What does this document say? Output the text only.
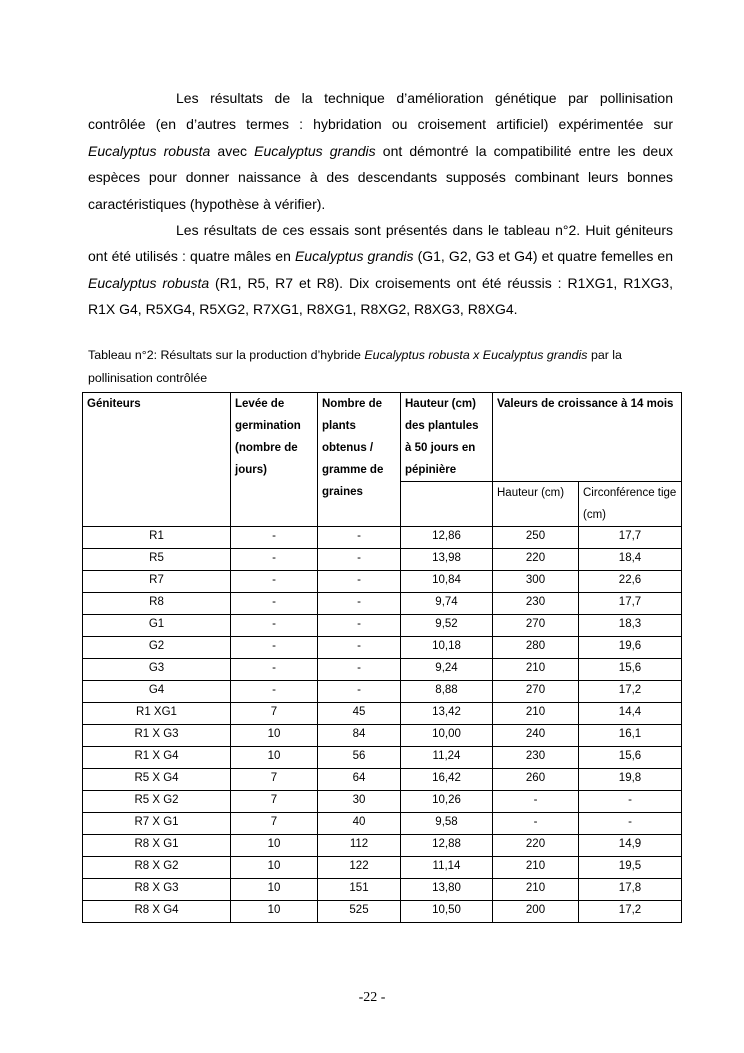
Les résultats de la technique d’amélioration génétique par pollinisation contrôlée (en d’autres termes : hybridation ou croisement artificiel) expérimentée sur Eucalyptus robusta avec Eucalyptus grandis ont démontré la compatibilité entre les deux espèces pour donner naissance à des descendants supposés combinant leurs bonnes caractéristiques (hypothèse à vérifier).

Les résultats de ces essais sont présentés dans le tableau n°2. Huit géniteurs ont été utilisés : quatre mâles en Eucalyptus grandis (G1, G2, G3 et G4) et quatre femelles en Eucalyptus robusta (R1, R5, R7 et R8). Dix croisements ont été réussis : R1XG1, R1XG3, R1X G4, R5XG4, R5XG2, R7XG1, R8XG1, R8XG2, R8XG3, R8XG4.

Tableau n°2: Résultats sur la production d’hybride Eucalyptus robusta x Eucalyptus grandis par la pollinisation contrôlée
Géniteurs	Levée de germination (nombre de jours)	Nombre de plants obtenus / gramme de graines	Hauteur (cm) des plantules à 50 jours en pépinière	Valeurs de croissance à 14 mois	
				Hauteur (cm)	Circonférence tige (cm)
R1	-	-	12,86	250	17,7
R5	-	-	13,98	220	18,4
R7	-	-	10,84	300	22,6
R8	-	-	9,74	230	17,7
G1	-	-	9,52	270	18,3
G2	-	-	10,18	280	19,6
G3	-	-	9,24	210	15,6
G4	-	-	8,88	270	17,2
R1 XG1	7	45	13,42	210	14,4
R1 X G3	10	84	10,00	240	16,1
R1 X G4	10	56	11,24	230	15,6
R5 X G4	7	64	16,42	260	19,8
R5 X G2	7	30	10,26	-	-
R7 X G1	7	40	9,58	-	-
R8 X G1	10	112	12,88	220	14,9
R8 X G2	10	122	11,14	210	19,5
R8 X G3	10	151	13,80	210	17,8
R8 X G4	10	525	10,50	200	17,2
-22 -
